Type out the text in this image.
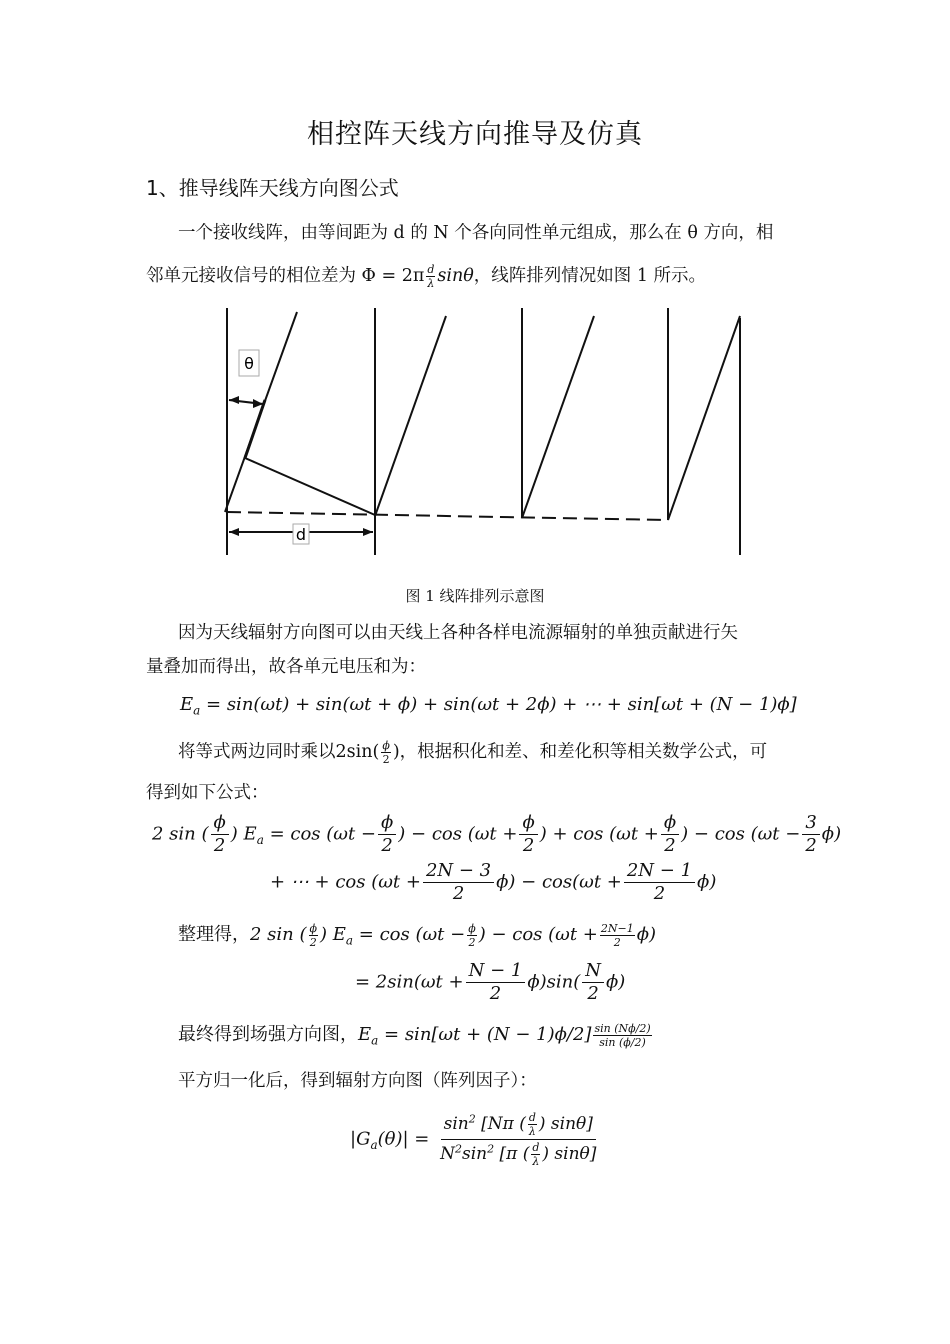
相控阵天线方向推导及仿真
1、推导线阵天线方向图公式
一个接收线阵，由等间距为 d 的 N 个各向同性单元组成，那么在 θ 方向，相
邻单元接收信号的相位差为 $\Phi = 2\pi \frac{d}{\lambda}$ sinθ，线阵排列情况如图 1 所示。
θ
d
图 1 线阵排列示意图
因为天线辐射方向图可以由天线上各种各样电流源辐射的单独贡献进行矢
量叠加而得出，故各单元电压和为：
$E_a = \sin(\omega t) + \sin(\omega t + \phi) + \sin(\omega t + 2\phi)$ + ⋯ + sin[ωt + (N − 1)ϕ]
将等式两边同时乘以$2\sin( \frac{\phi}{2}$ )，根据积化和差、和差化积等相关数学公式，可
得到如下公式：
2 sin ( $\frac{\phi}{2}$ ) $E_a = \cos (\omega t - \frac{\phi}{2}$ ) − $\cos (\omega t + \frac{\phi}{2}$ ) + $\cos (\omega t + \frac{\phi}{2}$ ) − $\cos (\omega t - \frac{3}{2} \phi)$
+ ⋯ + $\cos (\omega t + \frac{2N - 3}{2} \phi) - \cos(\omega t + \frac{2N - 1}{2} \phi)$
整理得，2 sin ( $\frac{\phi}{2}$ ) $E_a = \cos (\omega t - \frac{\phi}{2}$ ) − $\cos (\omega t + \frac{2N-1}{2} \phi)$
= $2\sin(\omega t + \frac{N - 1}{2} \phi)\sin( \frac{N}{2} \phi)$
最终得到场强方向图，$E_a = \sin[\omega t + (N - 1)\phi/2] \frac{\sin (N\phi/2)}{\sin (\phi/2)}$
平方归一化后，得到辐射方向图（阵列因子）：
$|G_a(\theta)| = \frac{\sin^2 [N\pi ( \frac{d}{\lambda} ) \sin\theta]}{N^2\sin^2 [\pi ( \frac{d}{\lambda} ) \sin\theta]}$
